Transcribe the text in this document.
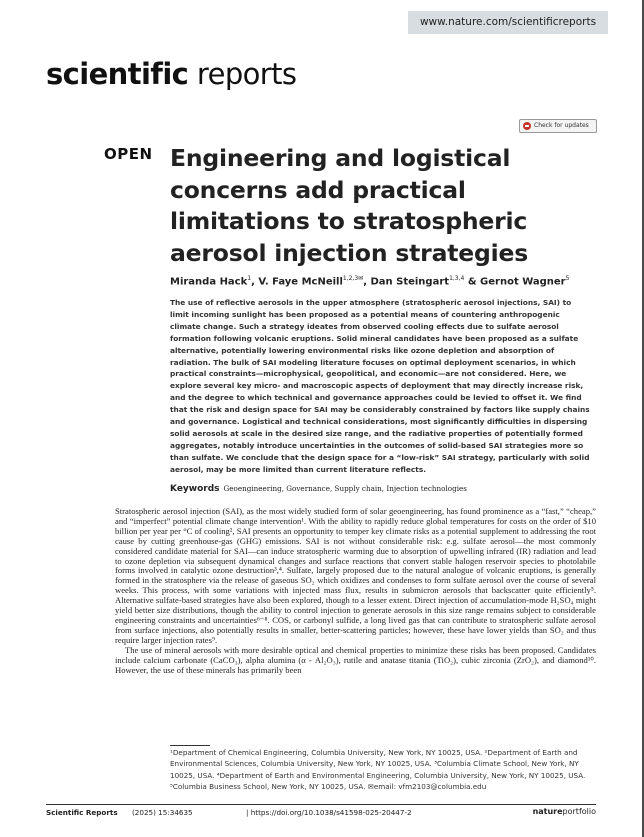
www.nature.com/scientificreports
scientific reports
Check for updates
OPEN Engineering and logistical concerns add practical limitations to stratospheric aerosol injection strategies
Miranda Hack$^1$, V. Faye McNeill$^{1,2,3✉}$, Dan Steingart$^{1,3,4}$ & Gernot Wagner$^5$
The use of reflective aerosols in the upper atmosphere (stratospheric aerosol injections, SAI) to limit incoming sunlight has been proposed as a potential means of countering anthropogenic climate change. Such a strategy ideates from observed cooling effects due to sulfate aerosol formation following volcanic eruptions. Solid mineral candidates have been proposed as a sulfate alternative, potentially lowering environmental risks like ozone depletion and absorption of radiation. The bulk of SAI modeling literature focuses on optimal deployment scenarios, in which practical constraints—microphysical, geopolitical, and economic—are not considered. Here, we explore several key micro- and macroscopic aspects of deployment that may directly increase risk, and the degree to which technical and governance approaches could be levied to offset it. We find that the risk and design space for SAI may be considerably constrained by factors like supply chains and governance. Logistical and technical considerations, most significantly difficulties in dispersing solid aerosols at scale in the desired size range, and the radiative properties of potentially formed aggregates, notably introduce uncertainties in the outcomes of solid-based SAI strategies more so than sulfate. We conclude that the design space for a “low-risk” SAI strategy, particularly with solid aerosol, may be more limited than current literature reflects.
Keywords Geoengineering, Governance, Supply chain, Injection technologies

Stratospheric aerosol injection (SAI), as the most widely studied form of solar geoengineering, has found prominence as a “fast,” “cheap,” and “imperfect” potential climate change intervention¹. With the ability to rapidly reduce global temperatures for costs on the order of $10 billion per year per °C of cooling², SAI presents an opportunity to temper key climate risks as a potential supplement to addressing the root cause by cutting greenhouse-gas (GHG) emissions. SAI is not without considerable risk: e.g. sulfate aerosol—the most commonly considered candidate material for SAI—can induce stratospheric warming due to absorption of upwelling infrared (IR) radiation and lead to ozone depletion via subsequent dynamical changes and surface reactions that convert stable halogen reservoir species to photolabile forms involved in catalytic ozone destruction³,⁴. Sulfate, largely proposed due to the natural analogue of volcanic eruptions, is generally formed in the stratosphere via the release of gaseous SO₂ which oxidizes and condenses to form sulfate aerosol over the course of several weeks. This process, with some variations with injected mass flux, results in submicron aerosols that backscatter quite efficiently⁵. Alternative sulfate-based strategies have also been explored, though to a lesser extent. Direct injection of accumulation-mode H₂SO₄ might yield better size distributions, though the ability to control injection to generate aerosols in this size range remains subject to considerable engineering constraints and uncertainties⁶⁻⁸. COS, or carbonyl sulfide, a long lived gas that can contribute to stratospheric sulfate aerosol from surface injections, also potentially results in smaller, better-scattering particles; however, these have lower yields than SO₂ and thus require larger injection rates⁹.

The use of mineral aerosols with more desirable optical and chemical properties to minimize these risks has been proposed. Candidates include calcium carbonate (CaCO₃), alpha alumina (α - Al₂O₃), rutile and anatase titania (TiO₂), cubic zirconia (ZrO₂), and diamond¹⁰. However, the use of these minerals has primarily been

¹Department of Chemical Engineering, Columbia University, New York, NY 10025, USA. ²Department of Earth and Environmental Sciences, Columbia University, New York, NY 10025, USA. ³Columbia Climate School, New York, NY 10025, USA. ⁴Department of Earth and Environmental Engineering, Columbia University, New York, NY 10025, USA. ⁵Columbia Business School, New York, NY 10025, USA. ✉email: vfm2103@columbia.edu
Scientific Reports (2025) 15:34635	| https://doi.org/10.1038/s41598-025-20447-2	natureportfolio
